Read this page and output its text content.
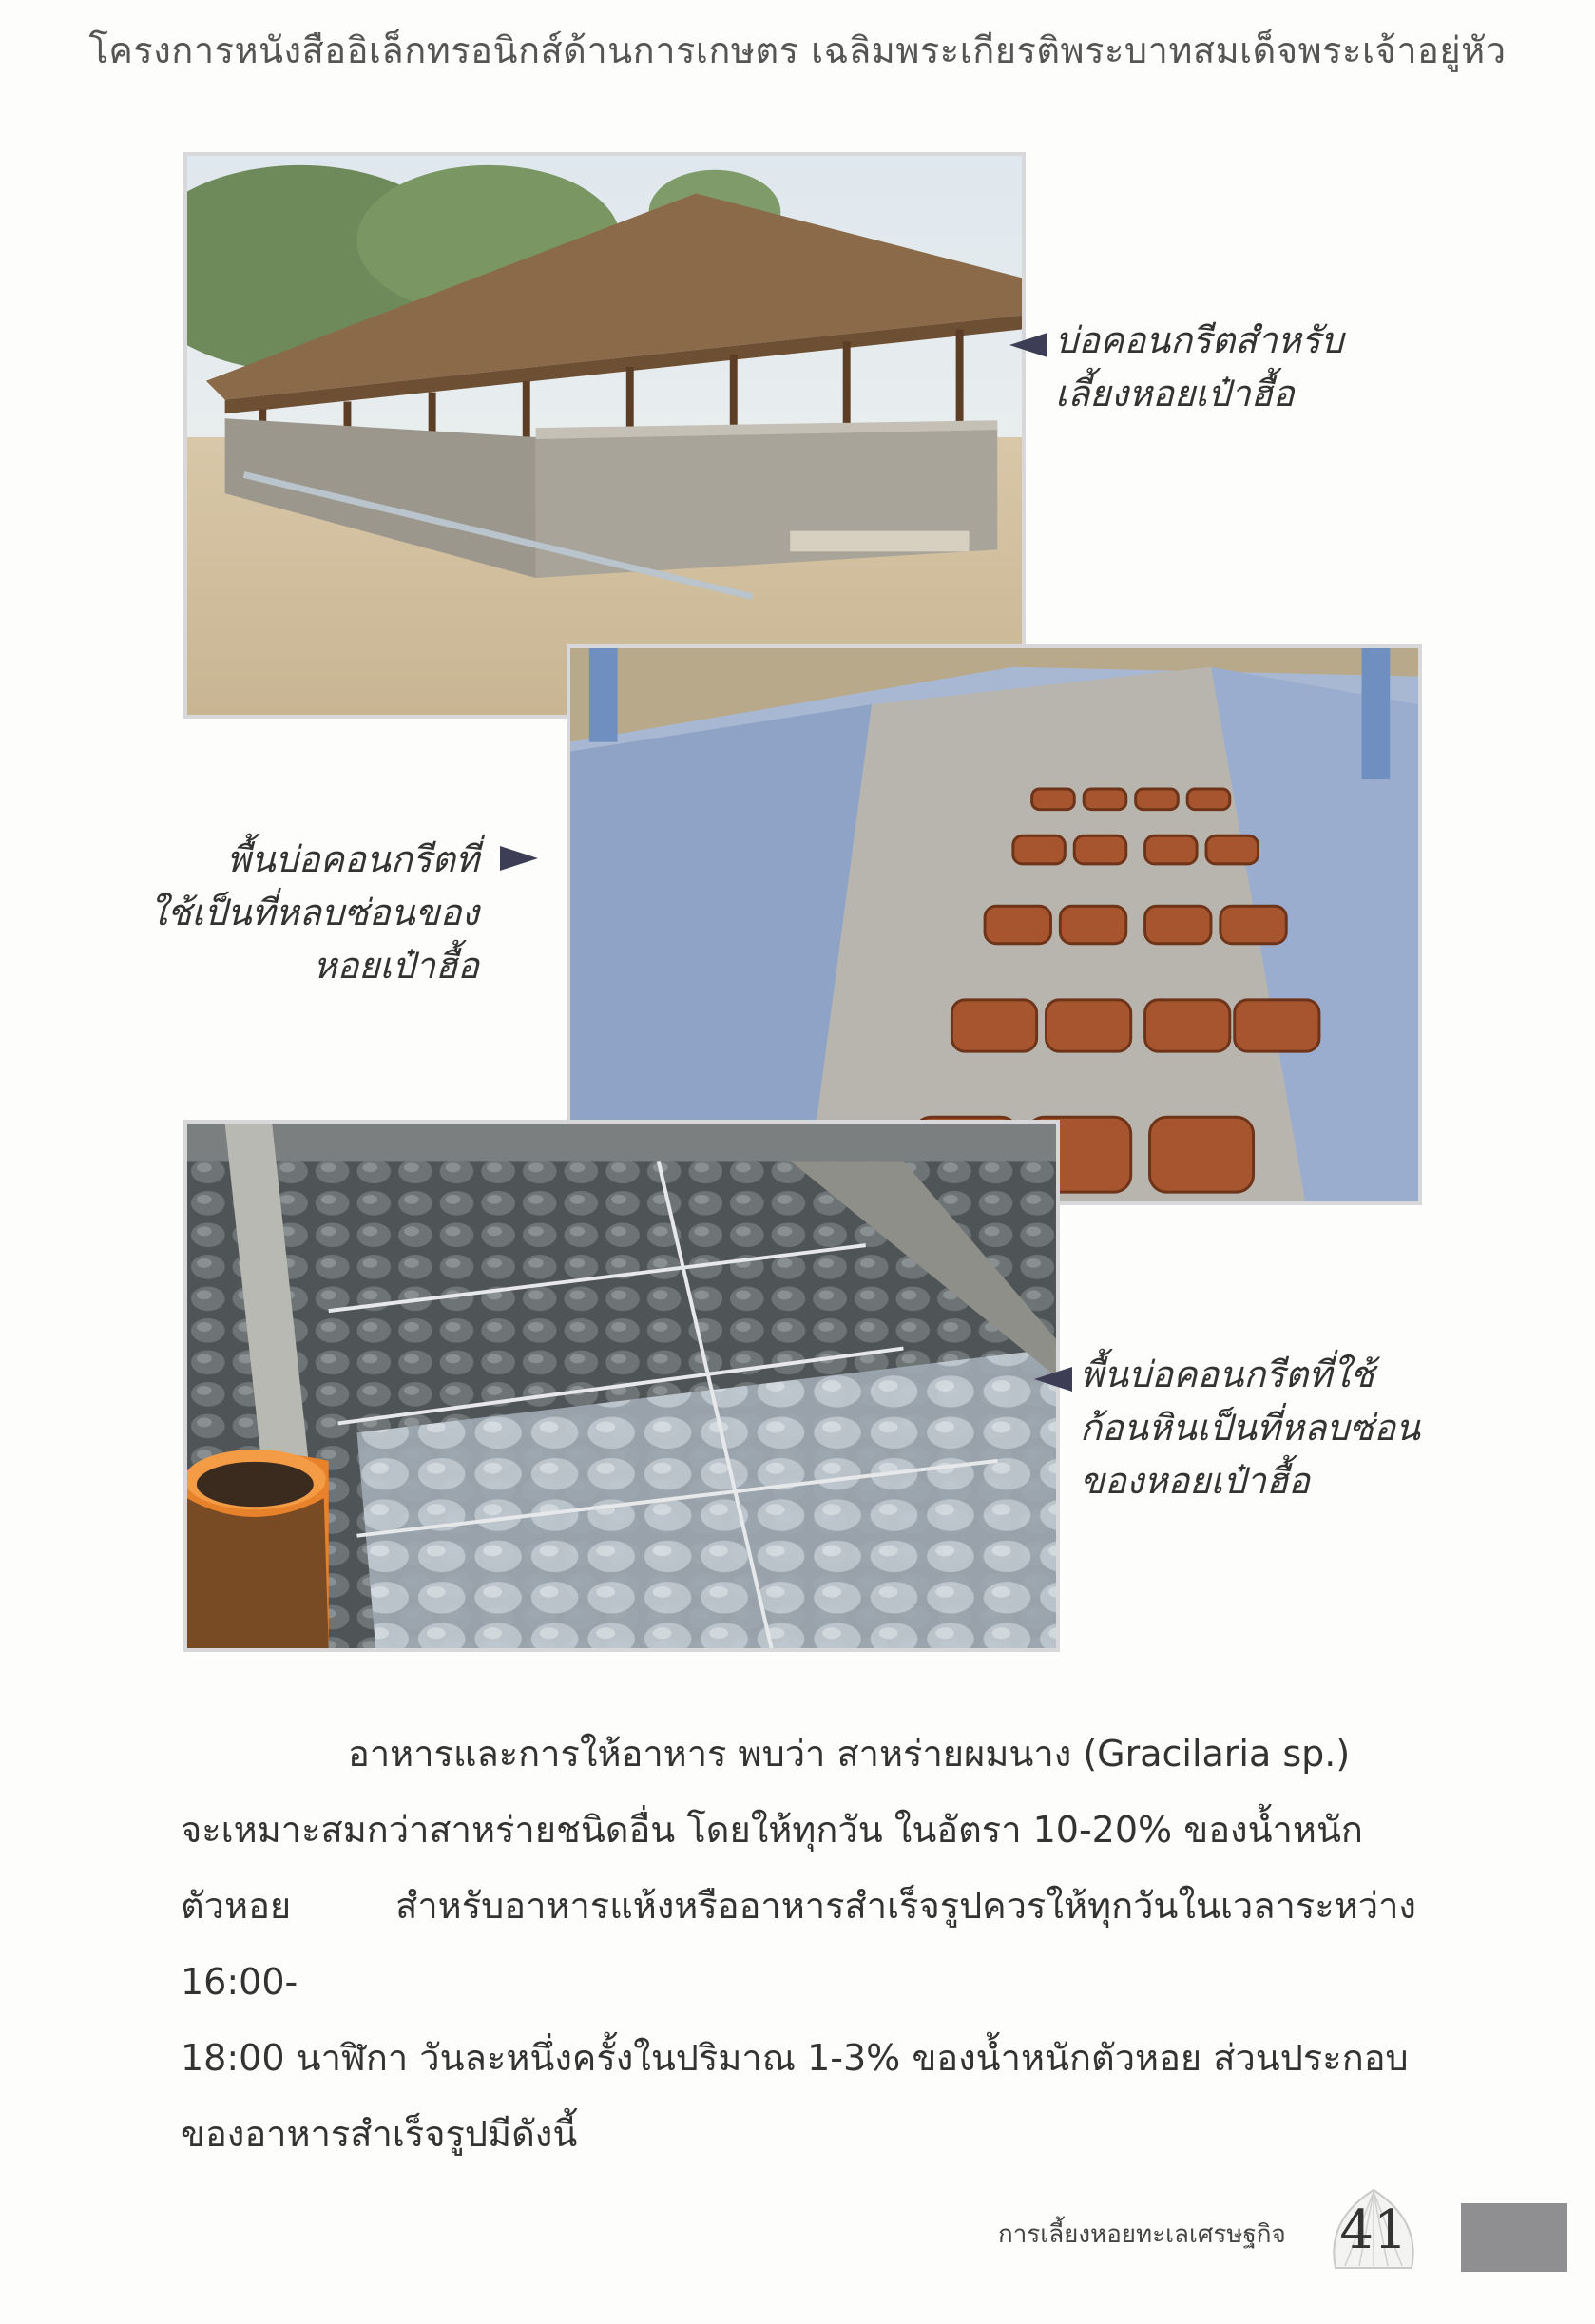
โครงการหนังสืออิเล็กทรอนิกส์ด้านการเกษตร เฉลิมพระเกียรติพระบาทสมเด็จพระเจ้าอยู่หัว
บ่อคอนกรีตสำหรับ
เลี้ยงหอยเป๋าฮื้อ
พื้นบ่อคอนกรีตที่
ใช้เป็นที่หลบซ่อนของ
หอยเป๋าฮื้อ
พื้นบ่อคอนกรีตที่ใช้
ก้อนหินเป็นที่หลบซ่อน
ของหอยเป๋าฮื้อ

อาหารและการให้อาหาร พบว่า สาหร่ายผมนาง (Gracilaria sp.)

จะเหมาะสมกว่าสาหร่ายชนิดอื่น โดยให้ทุกวัน ในอัตรา 10-20% ของน้ำหนัก

ตัวหอย สำหรับอาหารแห้งหรืออาหารสำเร็จรูปควรให้ทุกวันในเวลาระหว่าง 16:00-

18:00 นาฬิกา วันละหนึ่งครั้งในปริมาณ 1-3% ของน้ำหนักตัวหอย ส่วนประกอบ

ของอาหารสำเร็จรูปมีดังนี้

การเลี้ยงหอยทะเลเศรษฐกิจ	41
